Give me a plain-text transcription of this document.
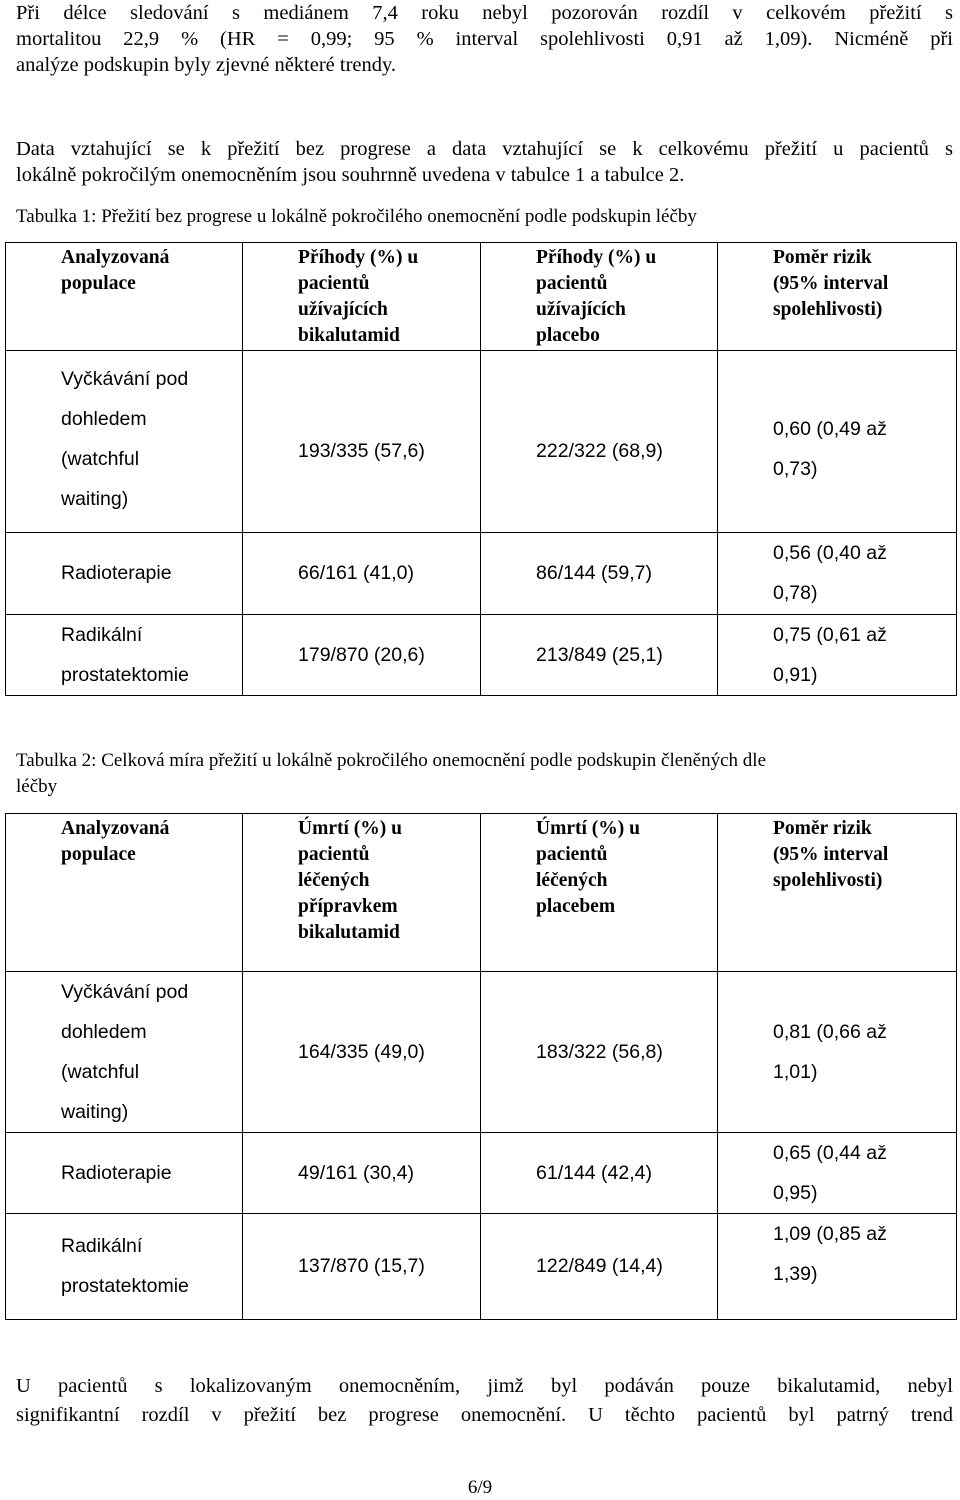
Při délce sledování s mediánem 7,4 roku nebyl pozorován rozdíl v celkovém přežití s
mortalitou 22,9 % (HR = 0,99; 95 % interval spolehlivosti 0,91 až 1,09). Nicméně při
analýze podskupin byly zjevné některé trendy.
Data vztahující se k přežití bez progrese a data vztahující se k celkovému přežití u pacientů s
lokálně pokročilým onemocněním jsou souhrnně uvedena v tabulce 1 a tabulce 2.
Tabulka 1: Přežití bez progrese u lokálně pokročilého onemocnění podle podskupin léčby
Analyzovaná
populace	Příhody (%) u
pacientů
užívajících
bikalutamid	Příhody (%) u
pacientů
užívajících
placebo	Poměr rizik
(95% interval
spolehlivosti)

Vyčkávání pod
dohledem
(watchful
waiting)	193/335 (57,6)	222/322 (68,9)	0,60 (0,49 až
0,73)

Radioterapie	66/161 (41,0)	86/144 (59,7)	0,56 (0,40 až
0,78)

Radikální
prostatektomie	179/870 (20,6)	213/849 (25,1)	0,75 (0,61 až
0,91)
Tabulka 2: Celková míra přežití u lokálně pokročilého onemocnění podle podskupin členěných dle
léčby
Analyzovaná
populace	Úmrtí (%) u
pacientů
léčených
přípravkem
bikalutamid	Úmrtí (%) u
pacientů
léčených
placebem	Poměr rizik
(95% interval
spolehlivosti)

Vyčkávání pod
dohledem
(watchful
waiting)	164/335 (49,0)	183/322 (56,8)	0,81 (0,66 až
1,01)

Radioterapie	49/161 (30,4)	61/144 (42,4)	0,65 (0,44 až
0,95)

Radikální
prostatektomie	137/870 (15,7)	122/849 (14,4)	1,09 (0,85 až
1,39)
U pacientů s lokalizovaným onemocněním, jimž byl podáván pouze bikalutamid, nebyl
signifikantní rozdíl v přežití bez progrese onemocnění. U těchto pacientů byl patrný trend
6/9
